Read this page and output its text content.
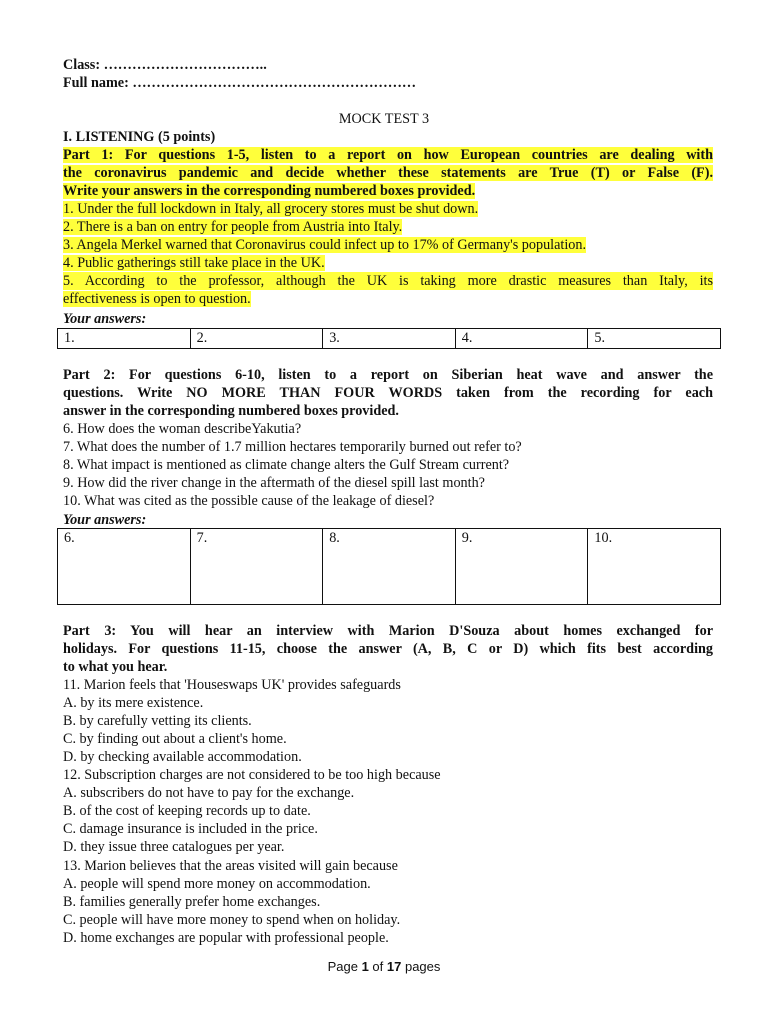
Class: ……………………………..
Full name: ……………………………………………………
MOCK TEST 3
I. LISTENING (5 points)
Part 1: For questions 1-5, listen to a report on how European countries are dealing with
the coronavirus pandemic and decide whether these statements are True (T) or False (F).
Write your answers in the corresponding numbered boxes provided.
1. Under the full lockdown in Italy, all grocery stores must be shut down.
2. There is a ban on entry for people from Austria into Italy.
3. Angela Merkel warned that Coronavirus could infect up to 17% of Germany's population.
4. Public gatherings still take place in the UK.
5. According to the professor, although the UK is taking more drastic measures than Italy, its
effectiveness is open to question.
Your answers:
1.	2.	3.	4.	5.
Part 2: For questions 6-10, listen to a report on Siberian heat wave and answer the
questions. Write NO MORE THAN FOUR WORDS taken from the recording for each
answer in the corresponding numbered boxes provided.
6. How does the woman describeYakutia?
7. What does the number of 1.7 million hectares temporarily burned out refer to?
8. What impact is mentioned as climate change alters the Gulf Stream current?
9. How did the river change in the aftermath of the diesel spill last month?
10. What was cited as the possible cause of the leakage of diesel?
Your answers:
6.	7.	8.	9.	10.
Part 3: You will hear an interview with Marion D'Souza about homes exchanged for
holidays. For questions 11-15, choose the answer (A, B, C or D) which fits best according
to what you hear.
11. Marion feels that 'Houseswaps UK' provides safeguards
A. by its mere existence.
B. by carefully vetting its clients.
C. by finding out about a client's home.
D. by checking available accommodation.
12. Subscription charges are not considered to be too high because
A. subscribers do not have to pay for the exchange.
B. of the cost of keeping records up to date.
C. damage insurance is included in the price.
D. they issue three catalogues per year.
13. Marion believes that the areas visited will gain because
A. people will spend more money on accommodation.
B. families generally prefer home exchanges.
C. people will have more money to spend when on holiday.
D. home exchanges are popular with professional people.
Page 1 of 17 pages
